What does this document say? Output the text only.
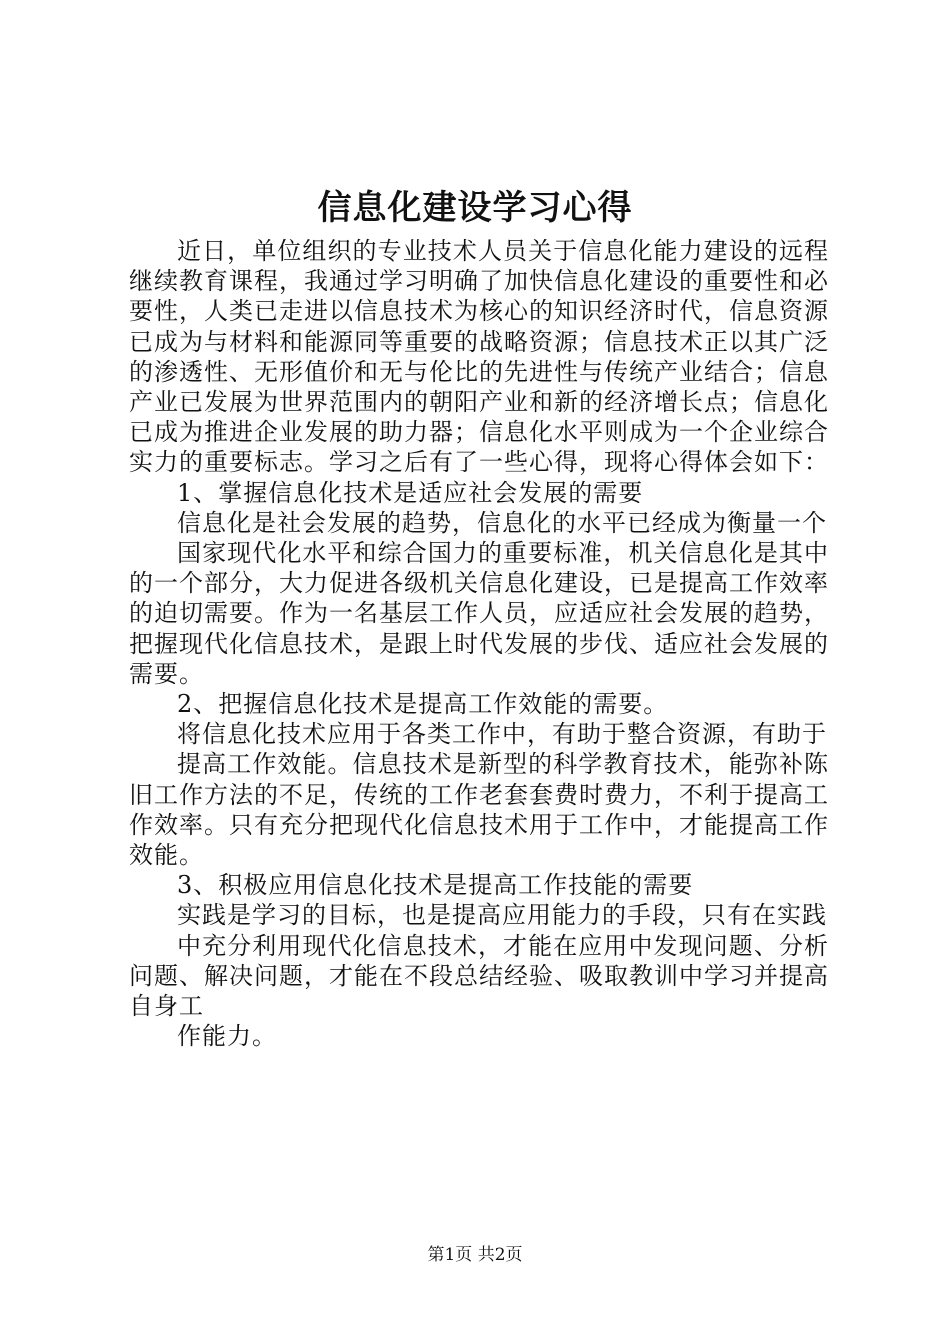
信息化建设学习心得

近日，单位组织的专业技术人员关于信息化能力建设的远程继续教育课程，我通过学习明确了加快信息化建设的重要性和必要性，人类已走进以信息技术为核心的知识经济时代，信息资源已成为与材料和能源同等重要的战略资源；信息技术正以其广泛的渗透性、无形值价和无与伦比的先进性与传统产业结合；信息产业已发展为世界范围内的朝阳产业和新的经济增长点；信息化已成为推进企业发展的助力器；信息化水平则成为一个企业综合实力的重要标志。学习之后有了一些心得，现将心得体会如下：

1、掌握信息化技术是适应社会发展的需要

信息化是社会发展的趋势，信息化的水平已经成为衡量一个

国家现代化水平和综合国力的重要标准，机关信息化是其中的一个部分，大力促进各级机关信息化建设，已是提高工作效率的迫切需要。作为一名基层工作人员，应适应社会发展的趋势，把握现代化信息技术，是跟上时代发展的步伐、适应社会发展的需要。

2、把握信息化技术是提高工作效能的需要。

将信息化技术应用于各类工作中，有助于整合资源，有助于

提高工作效能。信息技术是新型的科学教育技术，能弥补陈旧工作方法的不足，传统的工作老套套费时费力，不利于提高工作效率。只有充分把现代化信息技术用于工作中，才能提高工作效能。

3、积极应用信息化技术是提高工作技能的需要

实践是学习的目标，也是提高应用能力的手段，只有在实践

中充分利用现代化信息技术，才能在应用中发现问题、分析问题、解决问题，才能在不段总结经验、吸取教训中学习并提高自身工

作能力。

第1页 共2页
